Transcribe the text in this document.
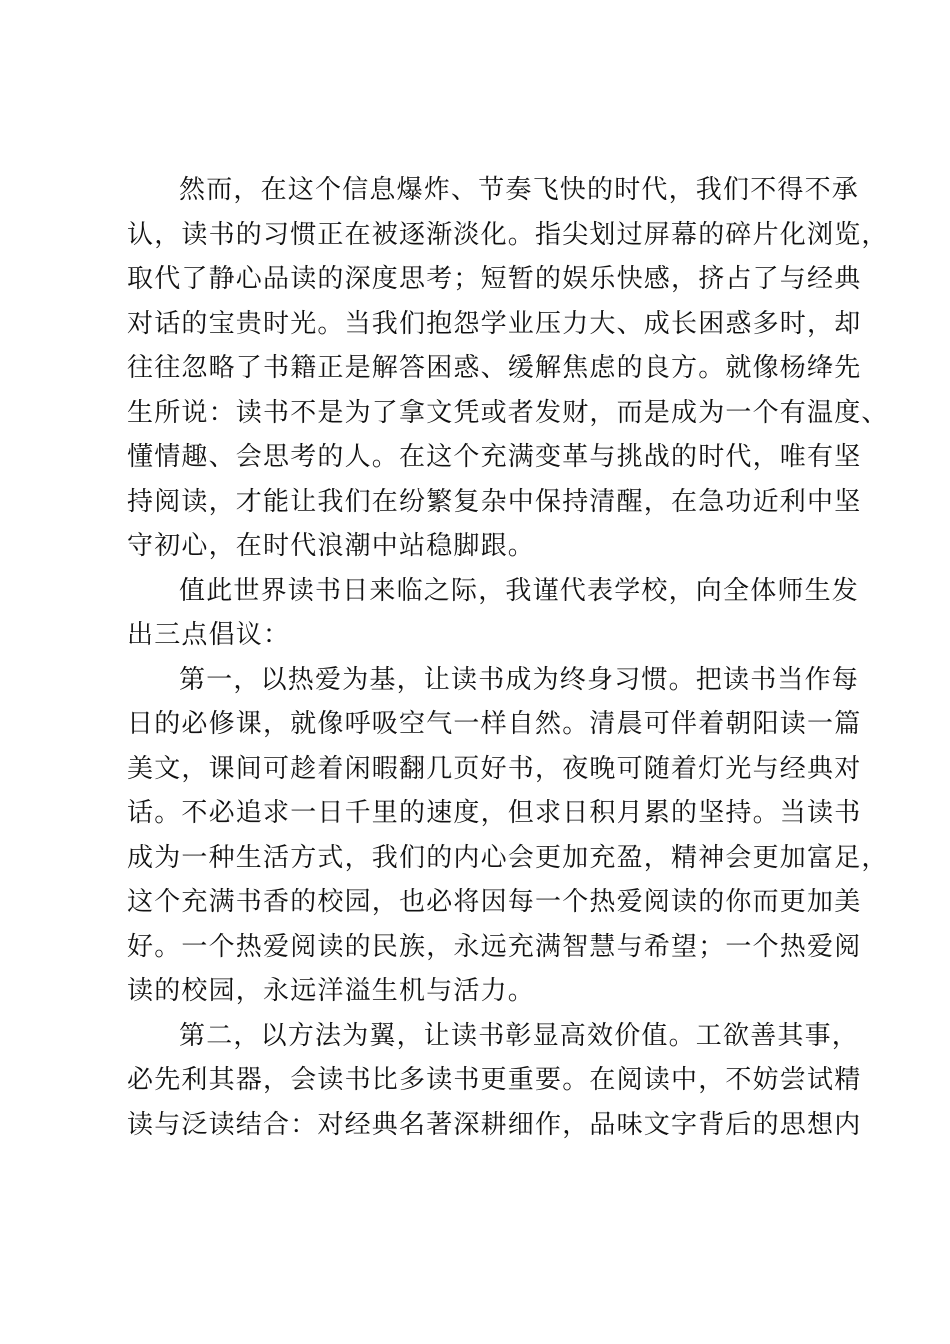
然而，在这个信息爆炸、节奏飞快的时代，我们不得不承
认，读书的习惯正在被逐渐淡化。指尖划过屏幕的碎片化浏览，
取代了静心品读的深度思考；短暂的娱乐快感，挤占了与经典
对话的宝贵时光。当我们抱怨学业压力大、成长困惑多时，却
往往忽略了书籍正是解答困惑、缓解焦虑的良方。就像杨绛先
生所说：读书不是为了拿文凭或者发财，而是成为一个有温度、
懂情趣、会思考的人。在这个充满变革与挑战的时代，唯有坚
持阅读，才能让我们在纷繁复杂中保持清醒，在急功近利中坚
守初心，在时代浪潮中站稳脚跟。
值此世界读书日来临之际，我谨代表学校，向全体师生发
出三点倡议：
第一，以热爱为基，让读书成为终身习惯。把读书当作每
日的必修课，就像呼吸空气一样自然。清晨可伴着朝阳读一篇
美文，课间可趁着闲暇翻几页好书，夜晚可随着灯光与经典对
话。不必追求一日千里的速度，但求日积月累的坚持。当读书
成为一种生活方式，我们的内心会更加充盈，精神会更加富足，
这个充满书香的校园，也必将因每一个热爱阅读的你而更加美
好。一个热爱阅读的民族，永远充满智慧与希望；一个热爱阅
读的校园，永远洋溢生机与活力。
第二，以方法为翼，让读书彰显高效价值。工欲善其事，
必先利其器，会读书比多读书更重要。在阅读中，不妨尝试精
读与泛读结合：对经典名著深耕细作，品味文字背后的思想内
